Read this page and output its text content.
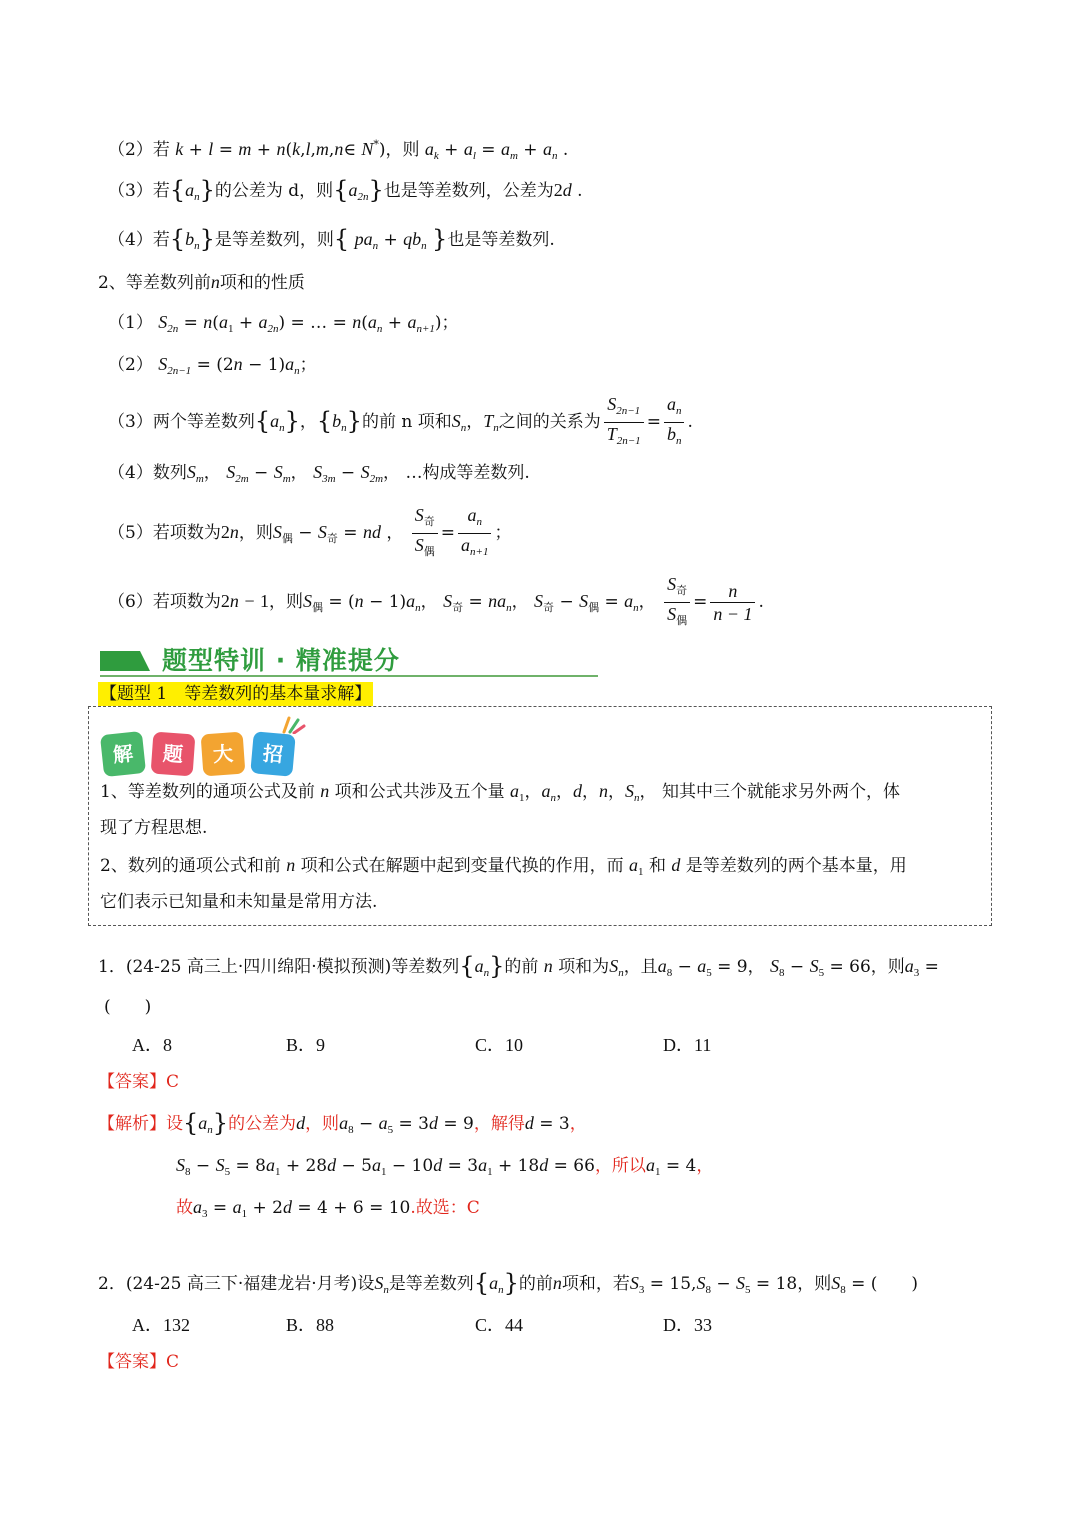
（2）若 k + l = m + n(k,l,m,n∈ N*)，则 $a_k + a_l = a_m + a_n$ .
（3）若$\{a_n\}$的公差为 d，则$\{a_{2n}\}$也是等差数列，公差为2d .
（4）若$\{b_n\}$是等差数列，则{ $pa_n + qb_n$ }也是等差数列.
2、等差数列前n项和的性质
（1） $S_{2n} = n(a_1 + a_{2n})$ = … = $n(a_n + a_{n+1})$；
（2） $S_{2n-1} = (2n - 1)a_n$；
（3）两个等差数列$\{a_n\}$，$\{b_n\}$的前 n 项和$S_n$，$T_n$之间的关系为 $\frac{S_{2n-1}}{T_{2n-1}} = \frac{a_n}{b_n}$ .
（4）数列$S_m$， $S_{2m} - S_m$， $S_{3m} - S_{2m}$， …构成等差数列.
（5）若项数为2n，则$S_偶 - S_奇$ = nd ， $\frac{S_奇}{S_偶} = \frac{a_n}{a_{n+1}}$ ；
（6）若项数为2n − 1，则$S_偶 = (n - 1)a_n$， $S_奇 = na_n$， $S_奇 - S_偶 = a_n$， $\frac{S_奇}{S_偶} = \frac{n}{n - 1}$ .
题型特训 · 精准提分
【题型 1　等差数列的基本量求解】
解	题	大	招
1、等差数列的通项公式及前 n 项和公式共涉及五个量 $a_1$，$a_n$，d，n，$S_n$， 知其中三个就能求另外两个，体
现了方程思想.
2、数列的通项公式和前 n 项和公式在解题中起到变量代换的作用，而 $a_1$ 和 d 是等差数列的两个基本量，用
它们表示已知量和未知量是常用方法.
1．(24-25 高三上·四川绵阳·模拟预测)等差数列$\{a_n\}$的前 n 项和为$S_n$，且$a_8 - a_5 = 9$， $S_8 - S_5 = 66$，则$a_3$ =
(　　)
A．8	B．9	C．10	D．11
【答案】C
【解析】设$\{a_n\}$的公差为d，则$a_8 - a_5 = 3d = 9$，解得d = 3，
$S_8 - S_5 = 8a_1 + 28d - 5a_1 - 10d = 3a_1 + 18d = 66$，所以$a_1 = 4$，
故$a_3 = a_1 + 2d = 4 + 6 = 10$.故选：C
2．(24-25 高三下·福建龙岩·月考)设$S_n$是等差数列$\{a_n\}$的前n项和，若$S_3 = 15,S_8 - S_5 = 18$，则$S_8$ = (　　)
A．132	B．88	C．44	D．33
【答案】C
